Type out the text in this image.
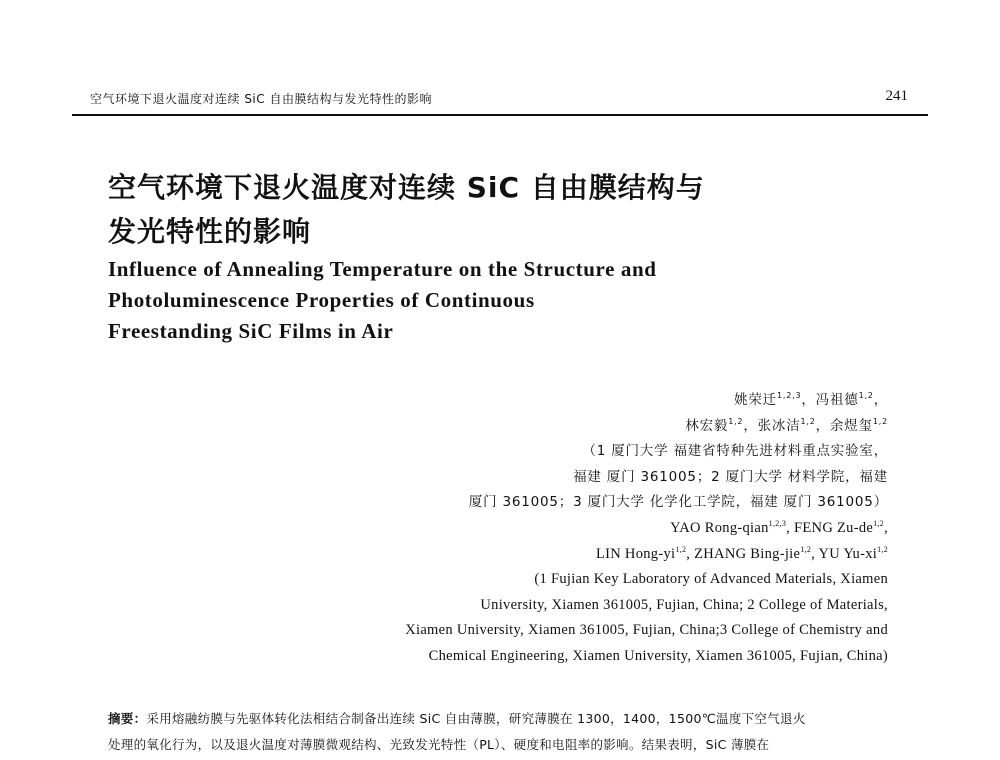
空气环境下退火温度对连续 SiC 自由膜结构与发光特性的影响	241
空气环境下退火温度对连续 SiC 自由膜结构与
发光特性的影响
Influence of Annealing Temperature on the Structure and
Photoluminescence Properties of Continuous
Freestanding SiC Films in Air
姚荣迁$^{1,2,3}$，冯祖德$^{1,2}$，
林宏毅$^{1,2}$，张冰洁$^{1,2}$，余煜玺$^{1,2}$
（1 厦门大学 福建省特种先进材料重点实验室，
福建 厦门 361005；2 厦门大学 材料学院，福建
厦门 361005；3 厦门大学 化学化工学院，福建 厦门 361005）
YAO Rong-qian$^{1,2,3}$, FENG Zu-de$^{1,2}$,
LIN Hong-yi$^{1,2}$, ZHANG Bing-jie$^{1,2}$, YU Yu-xi$^{1,2}$
(1 Fujian Key Laboratory of Advanced Materials, Xiamen
University, Xiamen 361005, Fujian, China; 2 College of Materials,
Xiamen University, Xiamen 361005, Fujian, China;3 College of Chemistry and
Chemical Engineering, Xiamen University, Xiamen 361005, Fujian, China)
摘要：采用熔融纺膜与先驱体转化法相结合制备出连续 SiC 自由薄膜，研究薄膜在 1300，1400，1500℃温度下空气退火
处理的氧化行为，以及退火温度对薄膜微观结构、光致发光特性（PL）、硬度和电阻率的影响。结果表明，SiC 薄膜在
